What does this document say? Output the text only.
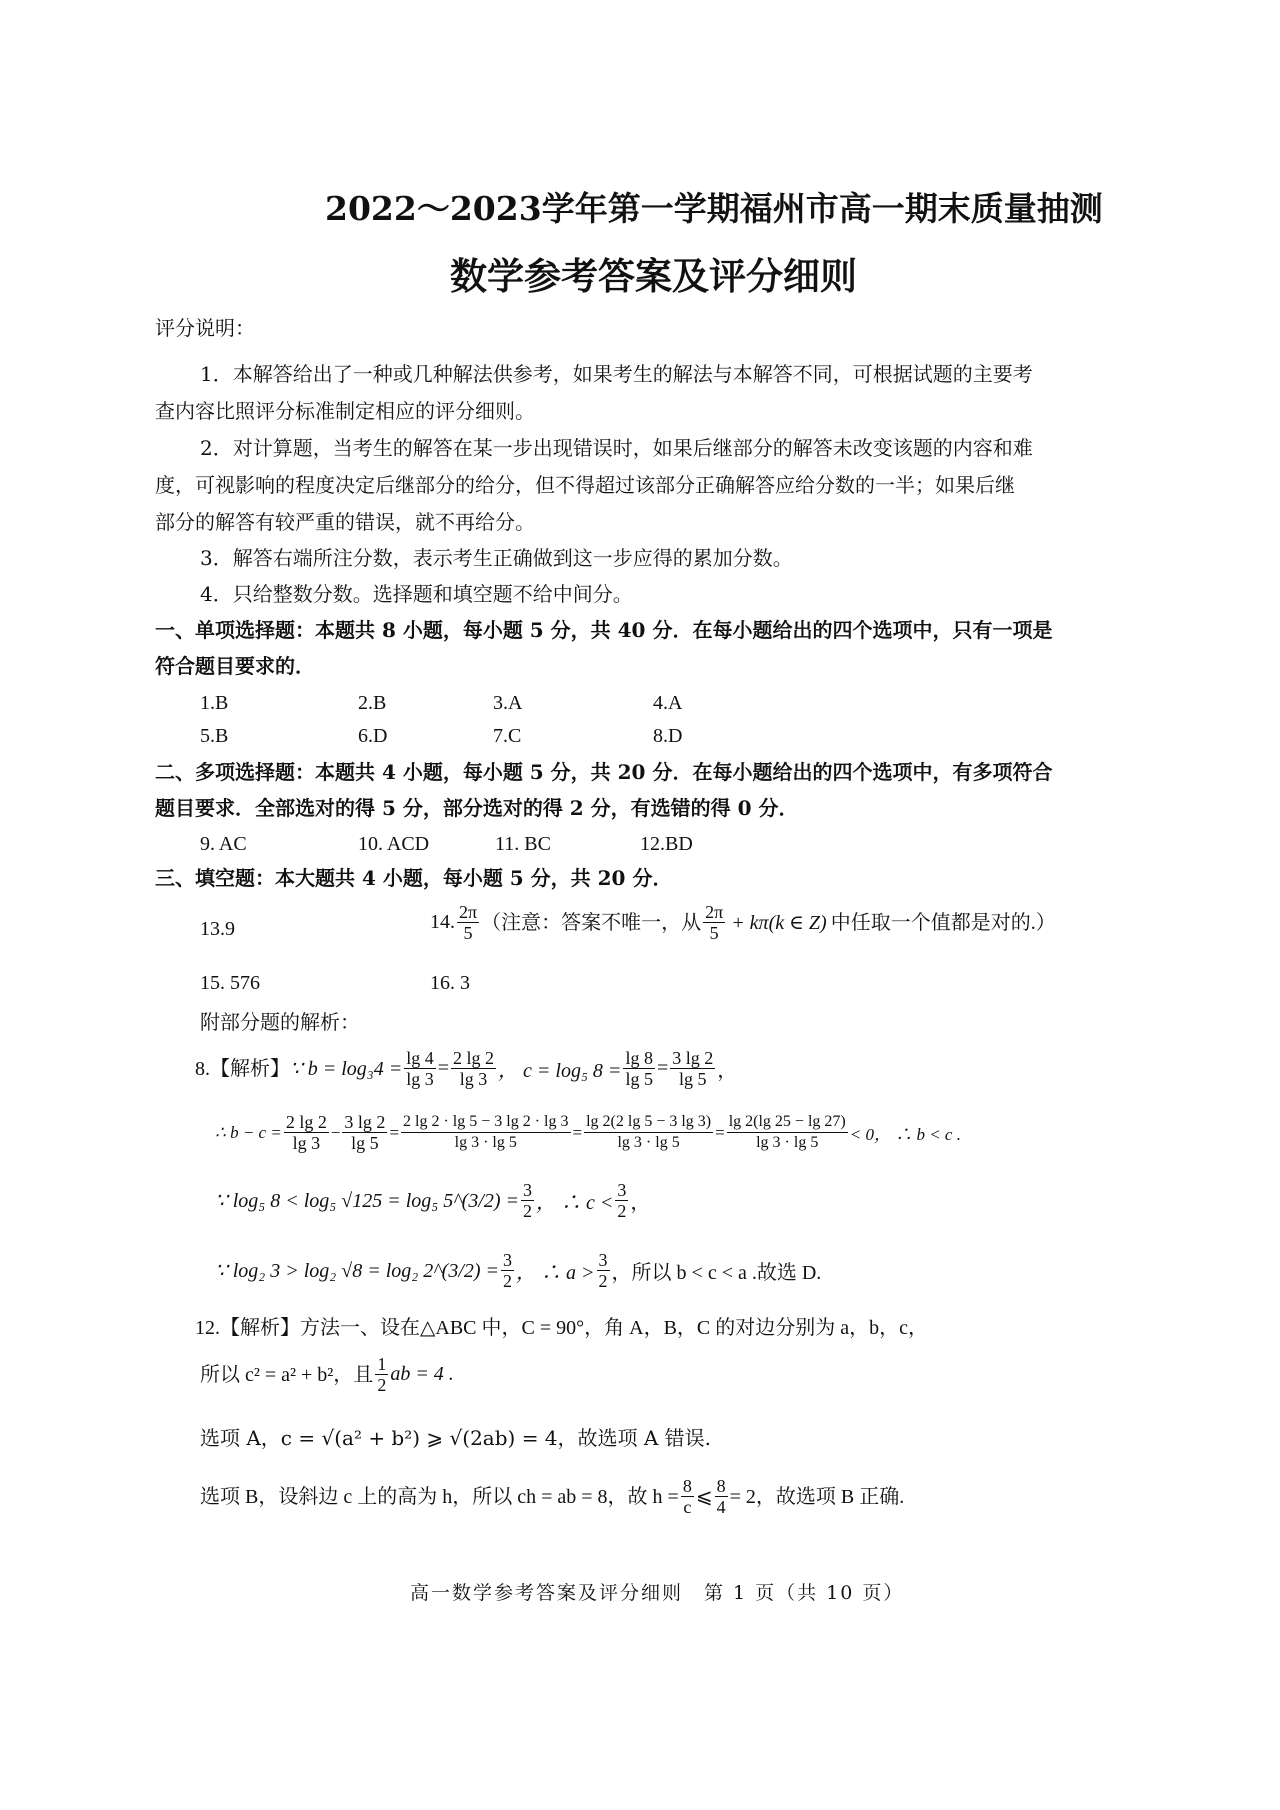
2022～2023学年第一学期福州市高一期末质量抽测
数学参考答案及评分细则
评分说明：
1．本解答给出了一种或几种解法供参考，如果考生的解法与本解答不同，可根据试题的主要考
查内容比照评分标准制定相应的评分细则。
2．对计算题，当考生的解答在某一步出现错误时，如果后继部分的解答未改变该题的内容和难
度，可视影响的程度决定后继部分的给分，但不得超过该部分正确解答应给分数的一半；如果后继
部分的解答有较严重的错误，就不再给分。
3．解答右端所注分数，表示考生正确做到这一步应得的累加分数。
4．只给整数分数。选择题和填空题不给中间分。
一、单项选择题：本题共 8 小题，每小题 5 分，共 40 分．在每小题给出的四个选项中，只有一项是
符合题目要求的．
1.B	2.B	3.A	4.A
5.B	6.D	7.C	8.D
二、多项选择题：本题共 4 小题，每小题 5 分，共 20 分．在每小题给出的四个选项中，有多项符合
题目要求．全部选对的得 5 分，部分选对的得 2 分，有选错的得 0 分．
9. AC	10. ACD	11. BC	12.BD
三、填空题：本大题共 4 小题，每小题 5 分，共 20 分．
13.9	14. $\frac{2\pi}{5}$ （注意：答案不唯一，从 $\frac{2\pi}{5} + k\pi(k$ ∈ Z) 中任取一个值都是对的.）
15. 576	16. 3
附部分题的解析：
8.【解析】 ∵ $b = \log_34 = \frac{\lg 4}{\lg 3} = \frac{2 \lg 2}{\lg 3}$ ， c = log₅ $8 = \frac{\lg 8}{\lg 5} = \frac{3 \lg 2}{\lg 5}$ ，
∴ $b - c = \frac{2 \lg 2}{\lg 3} - \frac{3 \lg 2}{\lg 5} = \frac{2 \lg 2 \cdot \lg 5 - 3 \lg 2 \cdot \lg 3}{\lg 3 \cdot \lg 5} = \frac{\lg 2(2 \lg 5 - 3 \lg 3)}{\lg 3 \cdot \lg 5} = \frac{\lg 2(\lg 25 - \lg 27)}{\lg 3 \cdot \lg 5} < 0$， ∴ b < c .
∵ log₅ 8 < log₅ √125 = log₅ 5^(3/2) = $\frac{3}{2}$ ， ∴ $c < \frac{3}{2}$ ，
∵ log₂ 3 > log₂ √8 = log₂ 2^(3/2) = $\frac{3}{2}$ ， ∴ $a > \frac{3}{2}$ ，所以 b < c < a .故选 D.
12.【解析】 方法一、设在△ABC 中，C = 90°，角 A，B，C 的对边分别为 a，b，c，
所以 c² = a² + b²，且 $\frac{1}{2}$ ab = 4 .
选项 A，c = √(a² + b²) ⩾ √(2ab) = 4，故选项 A 错误.
选项 B，设斜边 c 上的高为 h，所以 ch = ab = 8，故 $h = \frac{8}{c}$ ⩽ $\frac{8}{4} = 2$，故选项 B 正确.
高一数学参考答案及评分细则　第 1 页（共 10 页）
